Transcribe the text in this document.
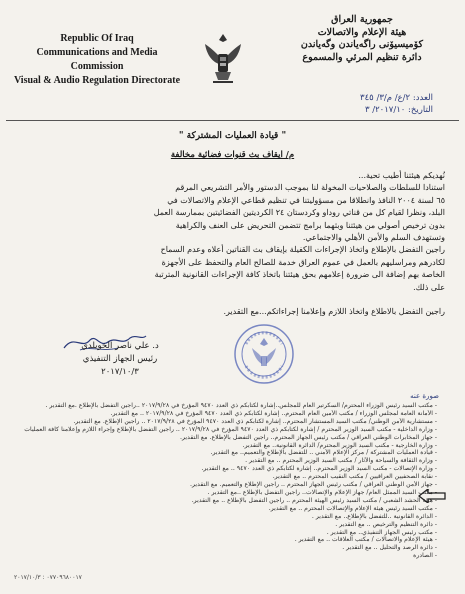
Republic Of Iraq
Communications and Media
Commission
Visual & Audio Regulation Directorate
جمهورية العراق
هيئة الإعلام والاتصالات
كۆمیسیۆنی راگەیاندن وگەیاندن
دائرة تنظيم المرئي والمسموع
العدد: ٢/ع/ م/٣/ ٣٤٥
التاريخ: ٢٠١٧/١٠/ ٣
" قيادة العمليات المشتركة "
م/ ايقاف بث قنوات فضائية مخالفة
نُهديكم هيئتنا أطيب تحية...
استنادا للسلطات والصلاحيات المخولة لنا بموجب الدستور والأمر التشريعي المرقم
٦٥ لسنة ٢٠٠٤ النافذ وانطلاقا من مسؤوليتنا في تنظيم قطاعي الإعلام والاتصالات في
البلد، ونظرا لقيام كل من قناتي روداو وكردستان ٢٤ الكرديتين الفضائيتين بممارسة العمل
بدون ترخيص أصولي من هيئتنا وبثهما برامج تتضمن التحريض على العنف والكراهية
وتستهدف السلم والأمن الأهلي والاجتماعي.
راجين التفضل بالإطلاع واتخاذ الإجراءات الكفيلة بإيقاف بث القناتين أعلاه وعدم السماح
لكادرهم ومراسليهم بالعمل في عموم العراق خدمة للصالح العام والتحفظ على الأجهزة
الخاصة بهم إضافة الى ضرورة إعلامهم بحق هيئتنا باتخاذ كافة الإجراءات القانونية المترتبة
على ذلك.

راجين التفضل بالاطلاع واتخاذ اللازم وإعلامنا إجراءاتكم...مع التقدير.
د. علي ناصر الخويلدي
رئيس الجهاز التنفيذي
٢٠١٧/١٠/٣
صورة عنه
- مكتب السيد رئيس الوزراء المحترم/ السكرتير العام للمجلس..إشارة لكتابكم ذي العدد ٩٤٧٠ المؤرخ في ٢٠١٧/٩/٢٨ ..راجين التفضل بالإطلاع .مع التقدير .
- الأمانة العامة لمجلس الوزراء / مكتب الأمين العام المحترم.. إشارة لكتابكم ذي العدد ٩٤٧٠ المؤرخ في ٢٠١٧/٩/٢٨ .. مع التقدير.
- مستشارية الأمن الوطني/ مكتب السيد المستشار المحترم.. إشارة لكتابكم ذي العدد ٩٤٧٠ المؤرخ في ٢٠١٧/٩/٢٨ .. راجين الإطلاع. مع التقدير.
- وزارة الداخلية - مكتب السيد الوزير المحترم / إشارة لكتابكم ذي العدد ٩٤٧٠ المؤرخ في ٢٠١٧/٩/٢٨ .. راجين التفضل بالإطلاع وإجراء اللازم وإعلامنا كافة العمليات
- جهاز المخابرات الوطني العراقي / مكتب رئيس الجهاز المحترم.. راجين التفضل بالإطلاع. مع التقدير.
- وزارة الخارجية - مكتب السيد الوزير المحترم/ الدائرة القانونية.. مع التقدير.
- قيادة العمليات المشتركة / مركز الإعلام الأمني .. للتفضل بالإطلاع والتعميم.. مع التقدير.
- وزارة الثقافة والسياحة والآثار / مكتب السيد الوزير المحترم .. مع التقدير .
- وزارة الإتصالات - مكتب السيد الوزير المحترم.. إشارة لكتابكم ذي العدد ٩٤٧٠ .. مع التقدير.
- نقابة الصحفيين العراقيين / مكتب النقيب المحترم .. مع التقدير.
- جهاز الأمن الوطني العراقي / مكتب رئيس الجهاز المحترم .. راجين الإطلاع والتعميم. مع التقدير.
- مكتب السيد الممثل العام/ جهاز الإعلام والإتصالات.. راجين التفضل بالإطلاع ..مع التقدير .
- هيئة الحشد الشعبي / مكتب السيد رئيس الهيئة المحترم .. راجين التفضل بالإطلاع .. مع التقدير.
- مكتب السيد رئيس هيئة الإعلام والإتصالات المحترم .. مع التقدير.
- الدائرة القانونية ..للتفضل بالإطلاع.. مع التقدير .
- دائرة التنظيم والترخيص .. مع التقدير .
- مكتب رئيس الجهاز التنفيذي.. مع التقدير .
- هيئة الإعلام والاتصالات / مكتب العلاقات .. مع التقدير .
- دائرة الرصد والتحليل .. مع التقدير .
- الصادرة
٠٧٧٠٩٦٨٠٠١٧ : ٢٠١٧/١٠/٣
